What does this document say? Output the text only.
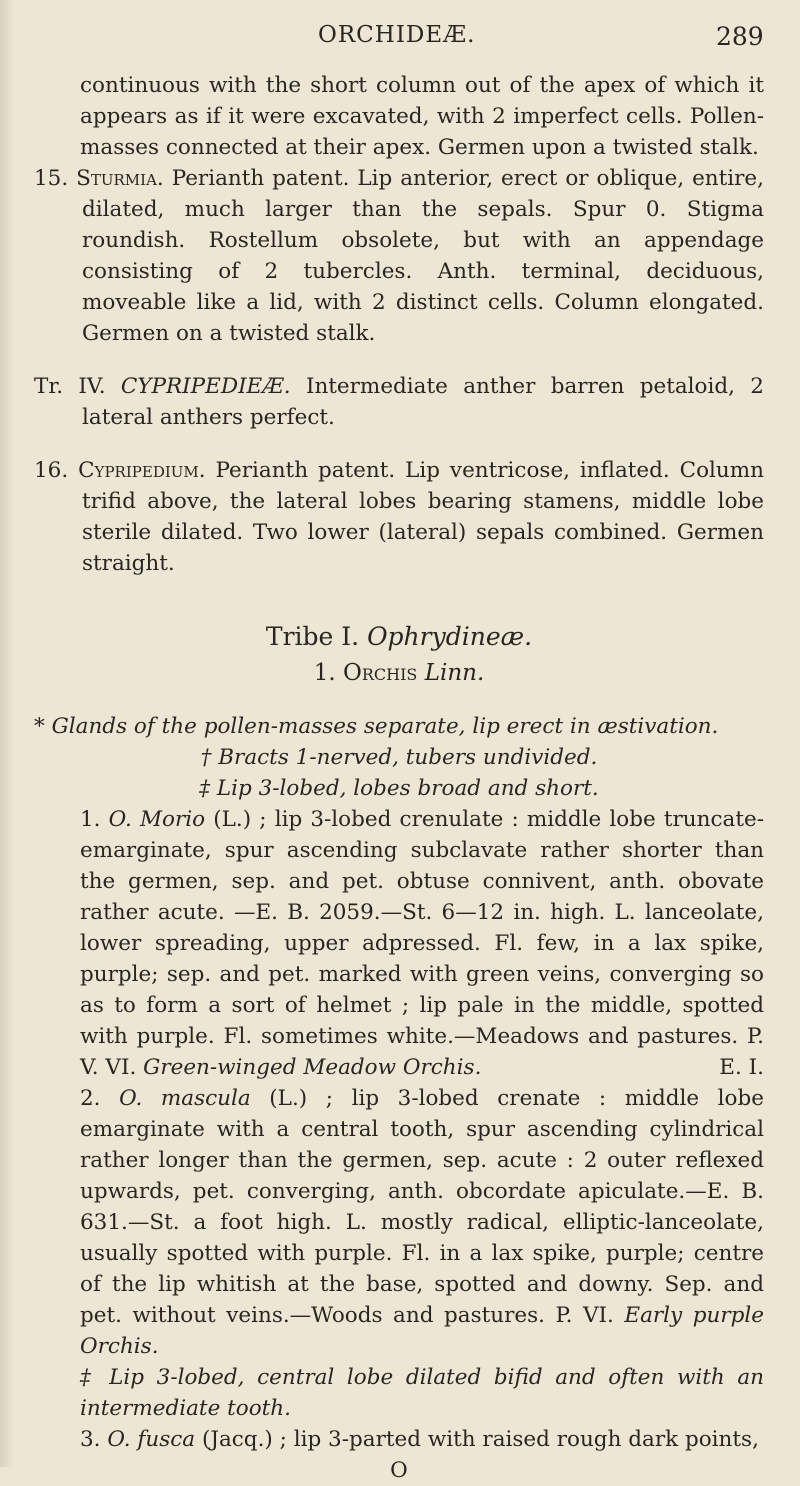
ORCHIDEÆ.	289

continuous with the short column out of the apex of which it appears as if it were excavated, with 2 imperfect cells. Pollen-masses connected at their apex. Germen upon a twisted stalk.

15. Sturmia. Perianth patent. Lip anterior, erect or oblique, entire, dilated, much larger than the sepals. Spur 0. Stigma roundish. Rostellum obsolete, but with an appendage consisting of 2 tubercles. Anth. terminal, deciduous, moveable like a lid, with 2 distinct cells. Column elongated. Germen on a twisted stalk.

Tr. IV. CYPRIPEDIEÆ. Intermediate anther barren petaloid, 2 lateral anthers perfect.

16. Cypripedium. Perianth patent. Lip ventricose, inflated. Column trifid above, the lateral lobes bearing stamens, middle lobe sterile dilated. Two lower (lateral) sepals combined. Germen straight.

Tribe I. Ophrydineæ.

1. Orchis Linn.

* Glands of the pollen-masses separate, lip erect in æstivation.

† Bracts 1-nerved, tubers undivided.

‡ Lip 3-lobed, lobes broad and short.

1. O. Morio (L.) ; lip 3-lobed crenulate : middle lobe truncate-emarginate, spur ascending subclavate rather shorter than the germen, sep. and pet. obtuse connivent, anth. obovate rather acute. —E. B. 2059.—St. 6—12 in. high. L. lanceolate, lower spreading, upper adpressed. Fl. few, in a lax spike, purple; sep. and pet. marked with green veins, converging so as to form a sort of helmet ; lip pale in the middle, spotted with purple. Fl. sometimes white.—Meadows and pastures. P. V. VI. Green-winged Meadow Orchis.	E. I.

2. O. mascula (L.) ; lip 3-lobed crenate : middle lobe emarginate with a central tooth, spur ascending cylindrical rather longer than the germen, sep. acute : 2 outer reflexed upwards, pet. converging, anth. obcordate apiculate.—E. B. 631.—St. a foot high. L. mostly radical, elliptic-lanceolate, usually spotted with purple. Fl. in a lax spike, purple; centre of the lip whitish at the base, spotted and downy. Sep. and pet. without veins.—Woods and pastures. P. VI. Early purple Orchis.

‡ Lip 3-lobed, central lobe dilated bifid and often with an intermediate tooth.

3. O. fusca (Jacq.) ; lip 3-parted with raised rough dark points,

O
